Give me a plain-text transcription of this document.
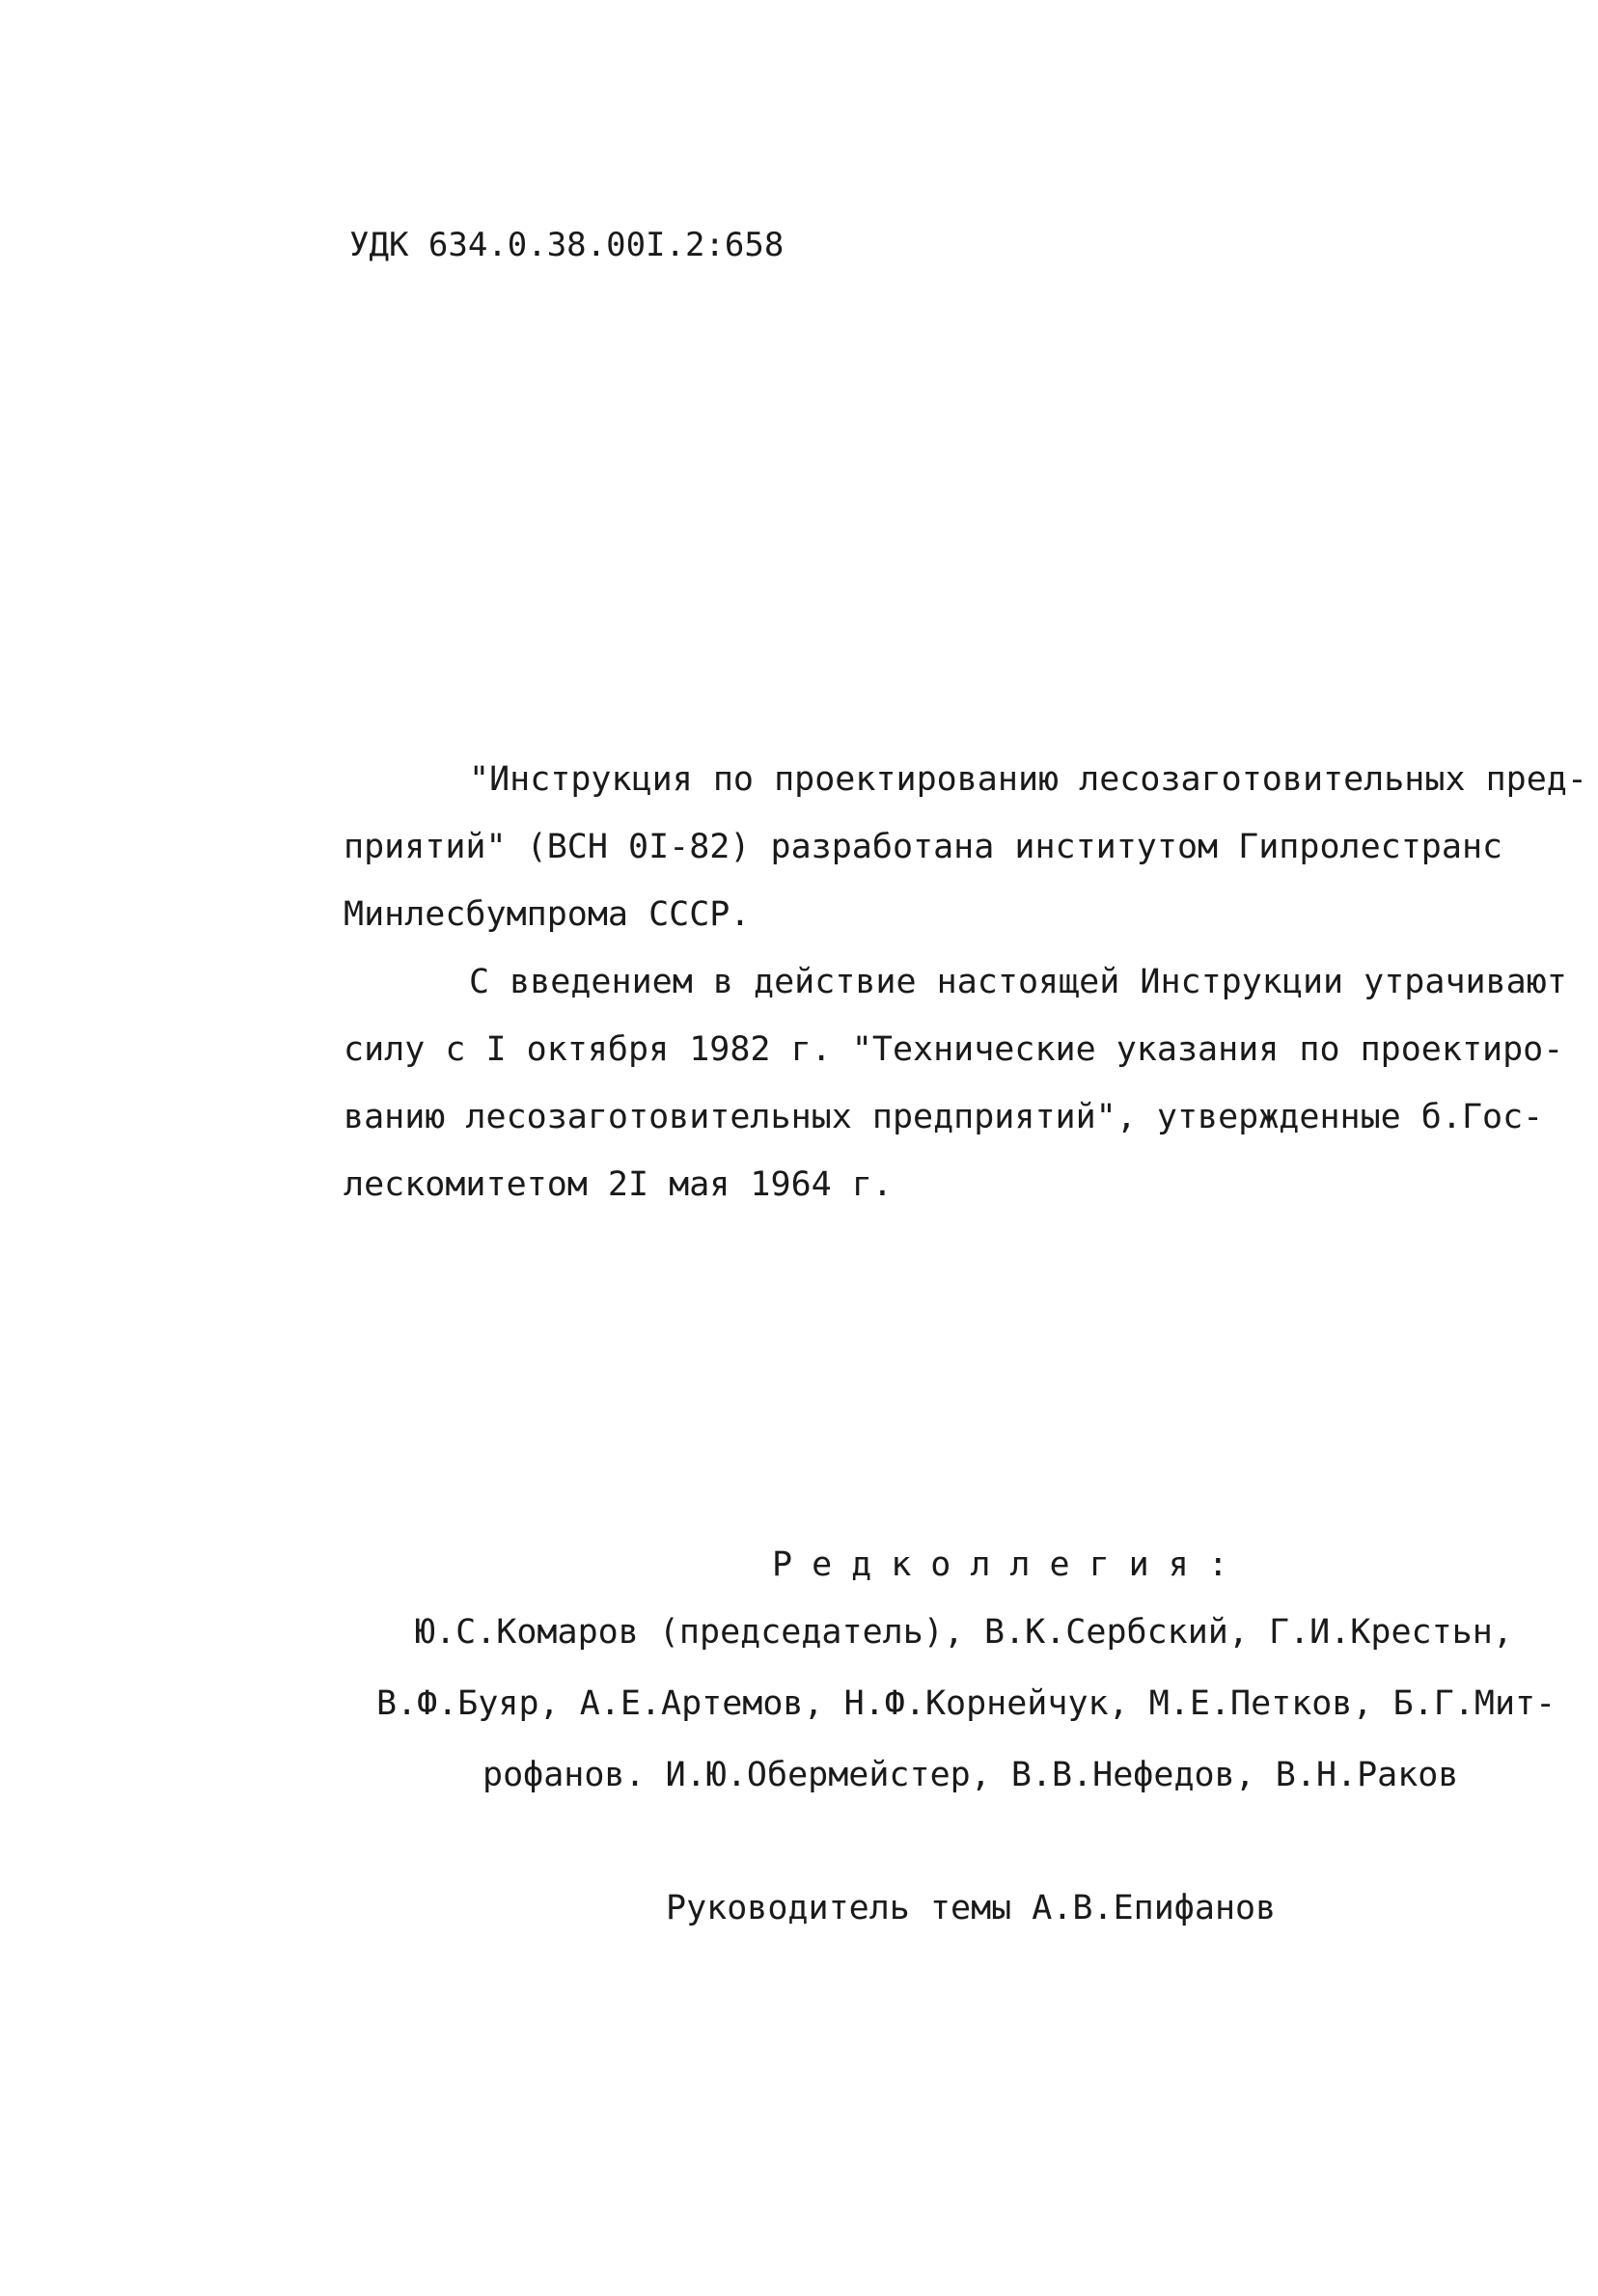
УДК 634.0.38.00I.2:658
"Инструкция по проектированию лесозаготовительных пред-
приятий" (ВСН 0I-82) разработана институтом Гипролестранс
Минлесбумпрома СССР.
С введением в действие настоящей Инструкции утрачивают
силу с I октября 1982 г. "Технические указания по проектиро-
ванию лесозаготовительных предприятий", утвержденные б.Гос-
лескомитетом 2I мая 1964 г.
Редколлегия:
Ю.С.Комаров (председатель), В.К.Сербский, Г.И.Крестьн,
В.Ф.Буяр, А.Е.Артемов, Н.Ф.Корнейчук, М.Е.Петков, Б.Г.Мит-
рофанов. И.Ю.Обермейстер, В.В.Нефедов, В.Н.Раков
Руководитель темы А.В.Епифанов
